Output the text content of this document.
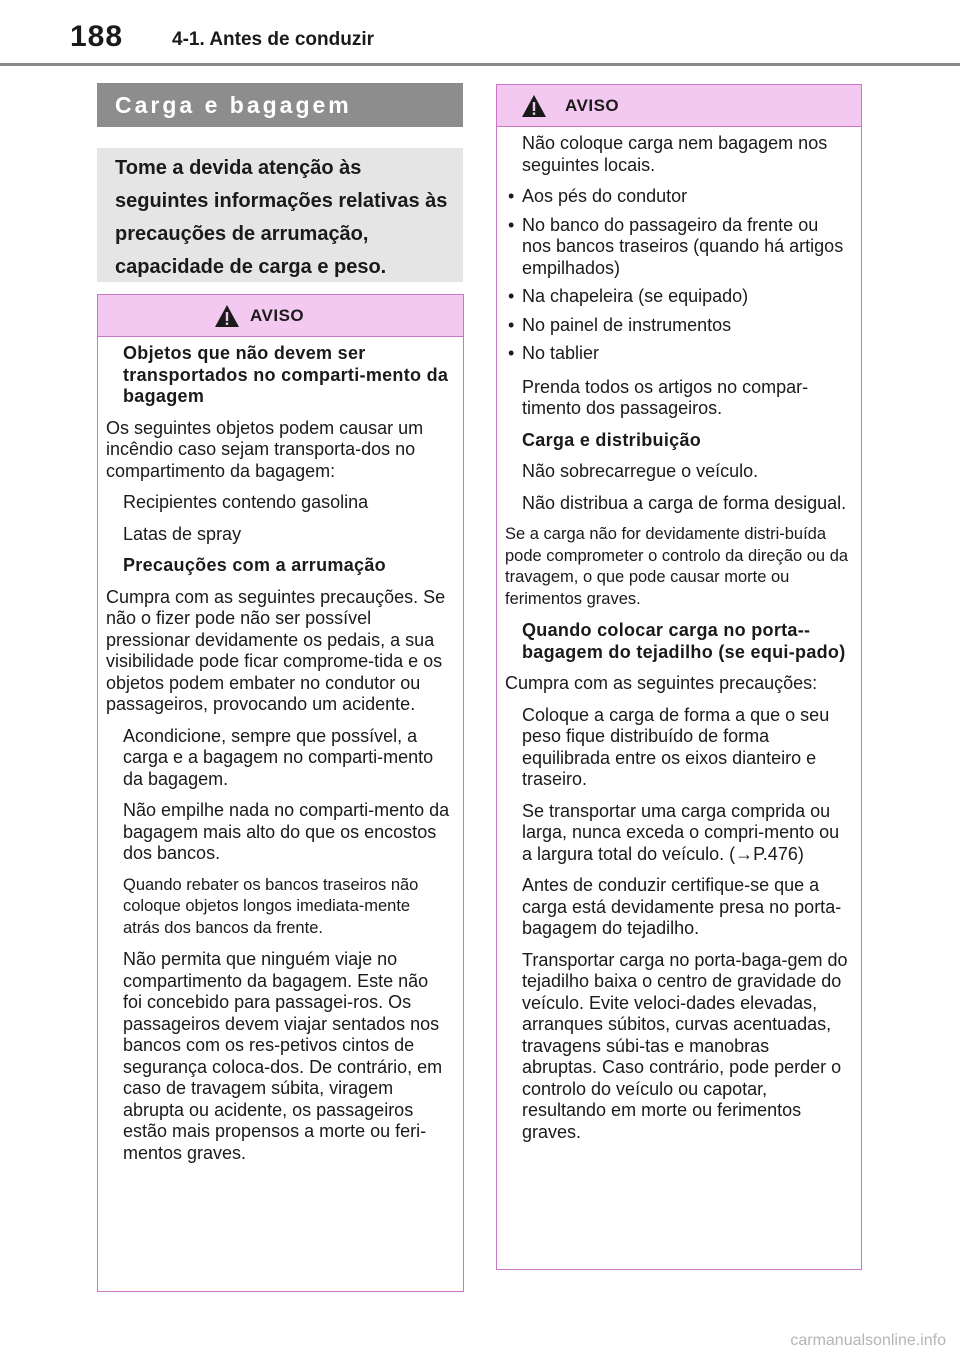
188	4-1. Antes de conduzir
Carga e bagagem
Tome a devida atenção às seguintes informações relativas às precauções de arrumação, capacidade de carga e peso.
AVISO

Objetos que não devem ser transportados no comparti-mento da bagagem

Os seguintes objetos podem causar um incêndio caso sejam transporta-dos no compartimento da bagagem:

Recipientes contendo gasolina

Latas de spray

Precauções com a arrumação

Cumpra com as seguintes precauções. Se não o fizer pode não ser possível pressionar devidamente os pedais, a sua visibilidade pode ficar comprome-tida e os objetos podem embater no condutor ou passageiros, provocando um acidente.

Acondicione, sempre que possível, a carga e a bagagem no comparti-mento da bagagem.

Não empilhe nada no comparti-mento da bagagem mais alto do que os encostos dos bancos.

Quando rebater os bancos traseiros não coloque objetos longos imediata-mente atrás dos bancos da frente.

Não permita que ninguém viaje no compartimento da bagagem. Este não foi concebido para passagei-ros. Os passageiros devem viajar sentados nos bancos com os res-petivos cintos de segurança coloca-dos. De contrário, em caso de travagem súbita, viragem abrupta ou acidente, os passageiros estão mais propensos a morte ou feri-mentos graves.

AVISO

Não coloque carga nem bagagem nos seguintes locais.

• Aos pés do condutor
• No banco do passageiro da frente ou nos bancos traseiros (quando há artigos empilhados)
• Na chapeleira (se equipado)
• No painel de instrumentos
• No tablier

Prenda todos os artigos no compar-timento dos passageiros.

Carga e distribuição

Não sobrecarregue o veículo.

Não distribua a carga de forma desigual.

Se a carga não for devidamente distri-buída pode comprometer o controlo da direção ou da travagem, o que pode causar morte ou ferimentos graves.

Quando colocar carga no porta--bagagem do tejadilho (se equi-pado)

Cumpra com as seguintes precauções:

Coloque a carga de forma a que o seu peso fique distribuído de forma equilibrada entre os eixos dianteiro e traseiro.

Se transportar uma carga comprida ou larga, nunca exceda o compri-mento ou a largura total do veículo. (→P.476)

Antes de conduzir certifique-se que a carga está devidamente presa no porta-bagagem do tejadilho.

Transportar carga no porta-baga-gem do tejadilho baixa o centro de gravidade do veículo. Evite veloci-dades elevadas, arranques súbitos, curvas acentuadas, travagens súbi-tas e manobras abruptas. Caso contrário, pode perder o controlo do veículo ou capotar, resultando em morte ou ferimentos graves.

carmanualsonline.info
